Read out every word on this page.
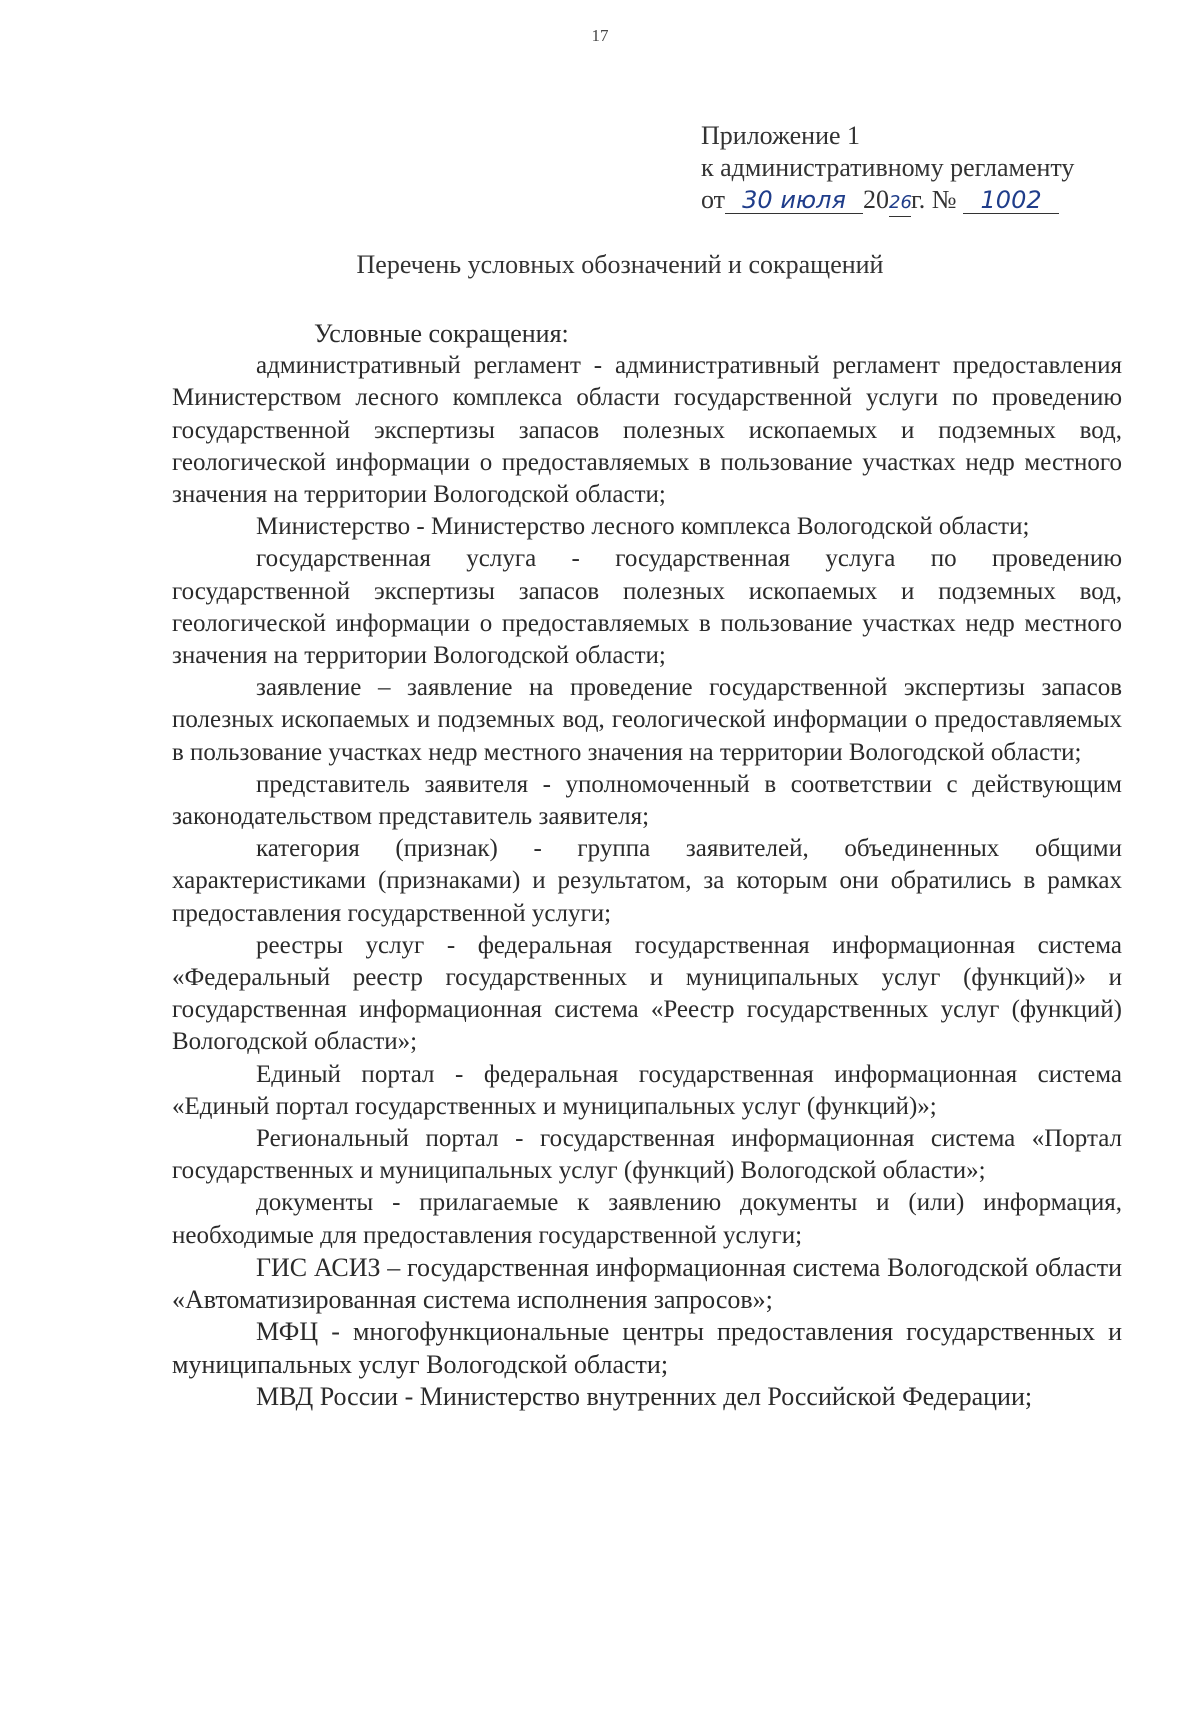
17
Приложение 1
к административному регламенту
от 30 июля 2026г. № 1002
Перечень условных обозначений и сокращений
Условные сокращения:

административный регламент - административный регламент предоставления Министерством лесного комплекса области государственной услуги по проведению государственной экспертизы запасов полезных ископаемых и подземных вод, геологической информации о предоставляемых в пользование участках недр местного значения на территории Вологодской области;

Министерство - Министерство лесного комплекса Вологодской области;

государственная услуга - государственная услуга по проведению государственной экспертизы запасов полезных ископаемых и подземных вод, геологической информации о предоставляемых в пользование участках недр местного значения на территории Вологодской области;

заявление – заявление на проведение государственной экспертизы запасов полезных ископаемых и подземных вод, геологической информации о предоставляемых в пользование участках недр местного значения на территории Вологодской области;

представитель заявителя - уполномоченный в соответствии с действующим законодательством представитель заявителя;

категория (признак) - группа заявителей, объединенных общими характеристиками (признаками) и результатом, за которым они обратились в рамках предоставления государственной услуги;

реестры услуг - федеральная государственная информационная система «Федеральный реестр государственных и муниципальных услуг (функций)» и государственная информационная система «Реестр государственных услуг (функций) Вологодской области»;

Единый портал - федеральная государственная информационная система «Единый портал государственных и муниципальных услуг (функций)»;

Региональный портал - государственная информационная система «Портал государственных и муниципальных услуг (функций) Вологодской области»;

документы - прилагаемые к заявлению документы и (или) информация, необходимые для предоставления государственной услуги;

ГИС АСИЗ – государственная информационная система Вологодской области «Автоматизированная система исполнения запросов»;

МФЦ - многофункциональные центры предоставления государственных и муниципальных услуг Вологодской области;

МВД России - Министерство внутренних дел Российской Федерации;
